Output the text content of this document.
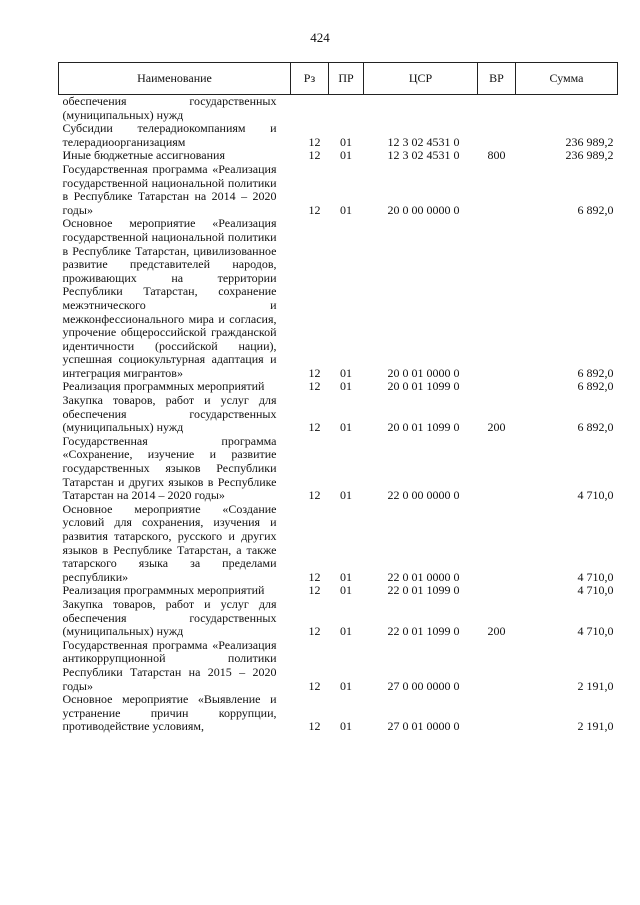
424
Наименование	Рз	ПР	ЦСР	ВР	Сумма
обеспечения государственных (муниципальных) нужд					
Субсидии телерадиокомпаниям и телерадиоорганизациям	12	01	12 3 02 4531 0		236 989,2
Иные бюджетные ассигнования	12	01	12 3 02 4531 0	800	236 989,2
Государственная программа «Реализация государственной национальной политики в Республике Татарстан на 2014 – 2020 годы»	12	01	20 0 00 0000 0		6 892,0
Основное мероприятие «Реализация государственной национальной политики в Республике Татарстан, цивилизованное развитие представителей народов, проживающих на территории Республики Татарстан, сохранение межэтнического и межконфессионального мира и согласия, упрочение общероссийской гражданской идентичности (российской нации), успешная социокультурная адаптация и интеграция мигрантов»	12	01	20 0 01 0000 0		6 892,0
Реализация программных мероприятий	12	01	20 0 01 1099 0		6 892,0
Закупка товаров, работ и услуг для обеспечения государственных (муниципальных) нужд	12	01	20 0 01 1099 0	200	6 892,0
Государственная программа «Сохранение, изучение и развитие государственных языков Республики Татарстан и других языков в Республике Татарстан на 2014 – 2020 годы»	12	01	22 0 00 0000 0		4 710,0
Основное мероприятие «Создание условий для сохранения, изучения и развития татарского, русского и других языков в Республике Татарстан, а также татарского языка за пределами республики»	12	01	22 0 01 0000 0		4 710,0
Реализация программных мероприятий	12	01	22 0 01 1099 0		4 710,0
Закупка товаров, работ и услуг для обеспечения государственных (муниципальных) нужд	12	01	22 0 01 1099 0	200	4 710,0
Государственная программа «Реализация антикоррупционной политики Республики Татарстан на 2015 – 2020 годы»	12	01	27 0 00 0000 0		2 191,0
Основное мероприятие «Выявление и устранение причин коррупции, противодействие условиям,	12	01	27 0 01 0000 0		2 191,0
